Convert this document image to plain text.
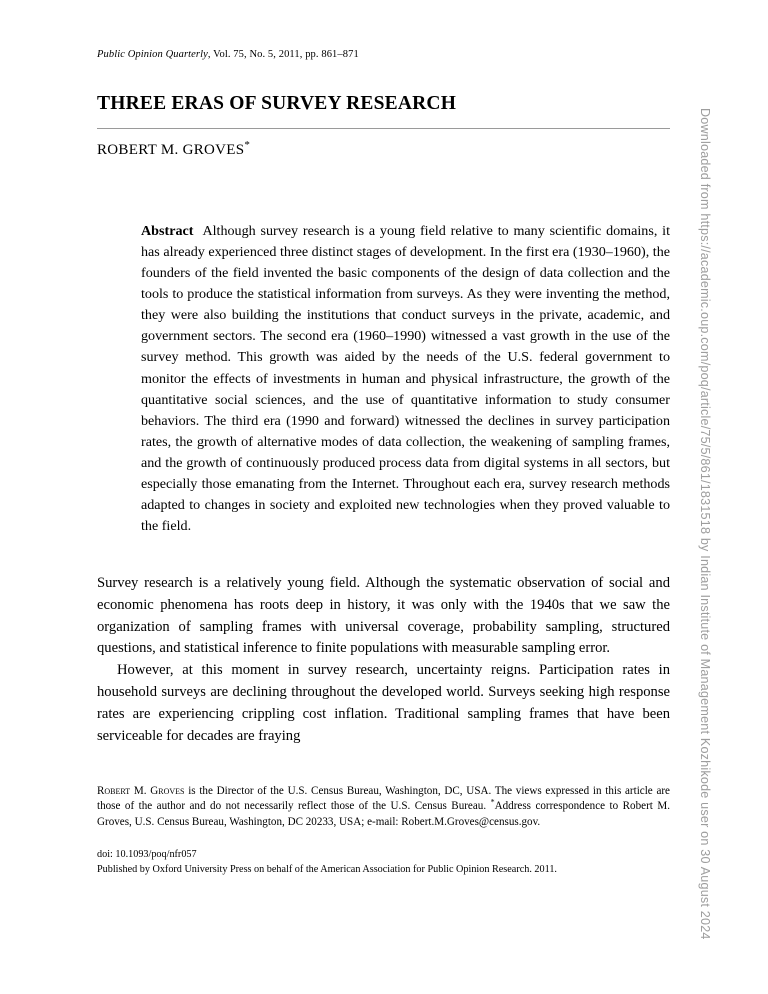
Public Opinion Quarterly, Vol. 75, No. 5, 2011, pp. 861–871
THREE ERAS OF SURVEY RESEARCH
ROBERT M. GROVES*
Abstract Although survey research is a young field relative to many scientific domains, it has already experienced three distinct stages of development. In the first era (1930–1960), the founders of the field invented the basic components of the design of data collection and the tools to produce the statistical information from surveys. As they were inventing the method, they were also building the institutions that conduct surveys in the private, academic, and government sectors. The second era (1960–1990) witnessed a vast growth in the use of the survey method. This growth was aided by the needs of the U.S. federal government to monitor the effects of investments in human and physical infrastructure, the growth of the quantitative social sciences, and the use of quantitative information to study consumer behaviors. The third era (1990 and forward) witnessed the declines in survey participation rates, the growth of alternative modes of data collection, the weakening of sampling frames, and the growth of continuously produced process data from digital systems in all sectors, but especially those emanating from the Internet. Throughout each era, survey research methods adapted to changes in society and exploited new technologies when they proved valuable to the field.

Survey research is a relatively young field. Although the systematic observation of social and economic phenomena has roots deep in history, it was only with the 1940s that we saw the organization of sampling frames with universal coverage, probability sampling, structured questions, and statistical inference to finite populations with measurable sampling error.

However, at this moment in survey research, uncertainty reigns. Participation rates in household surveys are declining throughout the developed world. Surveys seeking high response rates are experiencing crippling cost inflation. Traditional sampling frames that have been serviceable for decades are fraying

Robert M. Groves is the Director of the U.S. Census Bureau, Washington, DC, USA. The views expressed in this article are those of the author and do not necessarily reflect those of the U.S. Census Bureau. *Address correspondence to Robert M. Groves, U.S. Census Bureau, Washington, DC 20233, USA; e-mail: Robert.M.Groves@census.gov.
doi: 10.1093/poq/nfr057
Published by Oxford University Press on behalf of the American Association for Public Opinion Research. 2011.	Downloaded from https://academic.oup.com/poq/article/75/5/861/1831518 by Indian Institute of Management Kozhikode user on 30 August 2024
